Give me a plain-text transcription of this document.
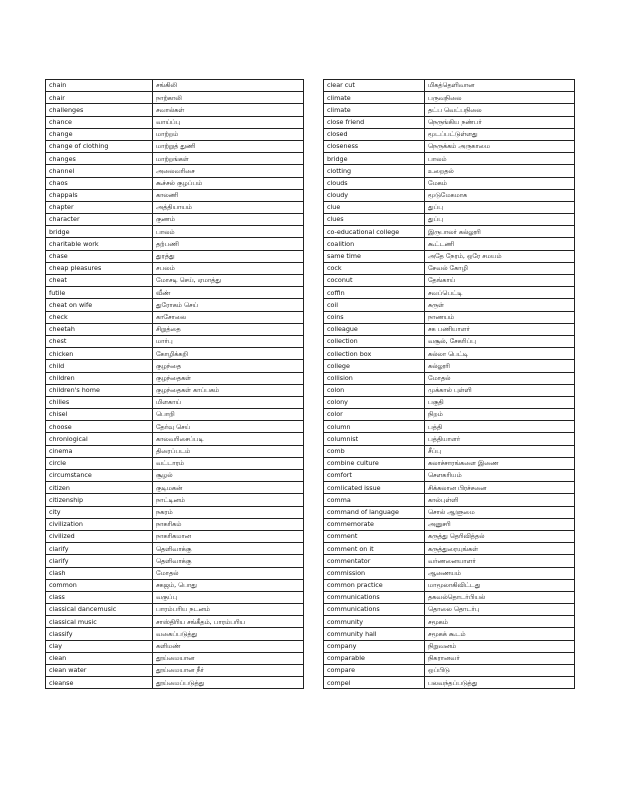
chain	சங்கிலி
chair	நாற்காலி
challenges	சவால்கள்
chance	வாய்ப்பு
change	மாற்றம்
change of clothing	மாற்றுத் துணி
changes	மாற்றங்கள்
channel	அலைவரிசை
chaos	கூச்சல் குழப்பம்
chappals	காலணி
chapter	அத்தியாயம்
character	குணம்
bridge	பாலம்
charitable work	தற்பணி
chase	துரத்து
cheap pleasures	சபலம்
cheat	மோசடி செய், ஏமாத்து
futile	வீண்
cheat on wife	துரோகம் செய்
check	காசோலை
cheetah	சிறுத்தை
chest	மார்பு
chicken	கோழிக்கறி
child	குழந்தை
children	குழந்தைகள்
children's home	குழந்தைகள் காப்பகம்
chilies	மிளகாய்
chisel	பொறி
choose	தேர்வு செய்
chronlogical	காலவரிசைப்படி
cinema	திரைப்படம்
circle	வட்டாரம்
circumstance	சூழல்
citizen	குடிமகன்
citizenship	நாட்டினம்
city	நகரம்
civilization	நாகரிகம்
civilized	நாகரிகமான
clarify	தெளிவாக்கு
clarify	தெளிவாக்கு
clash	மோதல்
common	சகஜம், பொது
class	வகுப்பு
classical dancemusic	பாரம்பரிய நடனம்
classical music	சாஸ்திரிய சங்கீதம், பாரம்பரிய
classify	வகைப்படுத்து
clay	களிமண்
clean	தூய்மையான
clean water	தூய்மையான நீர்
cleanse	தூய்மைப்படுத்து
clear cut	மிகத்தெளிவான
climate	பருவநிலை
climate	தட்ப வெட்பநிலை
close friend	நெருங்கிய நண்பர்
closed	மூடப்பட்டுள்ளது
closeness	நெருக்கம் அருகாமை
bridge	பாலம்
clotting	உறைதல்
clouds	மேகம்
cloudy	மூடுமேகமாக
clue	துப்பு
clues	துப்பு
co-educational college	இருபாலர் கல்லூரி
coalition	கூட்டணி
same time	அதே நேரம், ஒரே சமயம்
cock	சேவல் கோழி
coconut	தேங்காய்
coffin	சவப்பெட்டி
coil	சுருள்
coins	நாணயம்
colleague	சக பணியாளர்
collection	வசூல், சேகரிப்பு
collection box	கல்லா பெட்டி
college	கல்லூரி
collision	மோதல்
colon	முக்கால் புள்ளி
colony	பகுதி
color	நிறம்
column	பத்தி
columnist	பத்தியாளர்
comb	சீப்பு
combine culture	கலாச்சாரங்களை இணை
comfort	சௌகரியம்
comlicated issue	சிக்கலான பிரச்சனை
comma	கால்புள்ளி
command of language	சொல் ஆளுமை
commemorate	அனுசரி
comment	கருத்து தெரிவித்தல்
comment on it	கருத்துரையுங்கள்
commentator	வர்ணனையாளர்
commission	ஆணையம்
common practice	மாமூலாகிவிட்டது
communications	தகவல்தொடர்பியல்
communications	தொலை தொடர்பு
community	சமூகம்
community hall	சமூகக் கூடம்
company	நிறுவனம்
comparable	நிகரானவர்
compare	ஒப்பிடு
compel	பலவந்தப்படுத்து
